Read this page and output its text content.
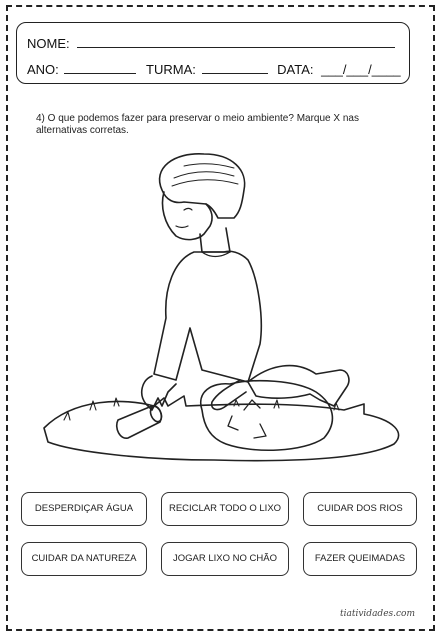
NOME:
ANO:	TURMA:	DATA: ___/___/____
4) O que podemos fazer para preservar o meio ambiente? Marque X nas alternativas corretas.
DESPERDIÇAR ÁGUA	RECICLAR TODO O LIXO	CUIDAR DOS RIOS
CUIDAR DA NATUREZA	JOGAR LIXO NO CHÃO	FAZER QUEIMADAS
tiatividades.com
